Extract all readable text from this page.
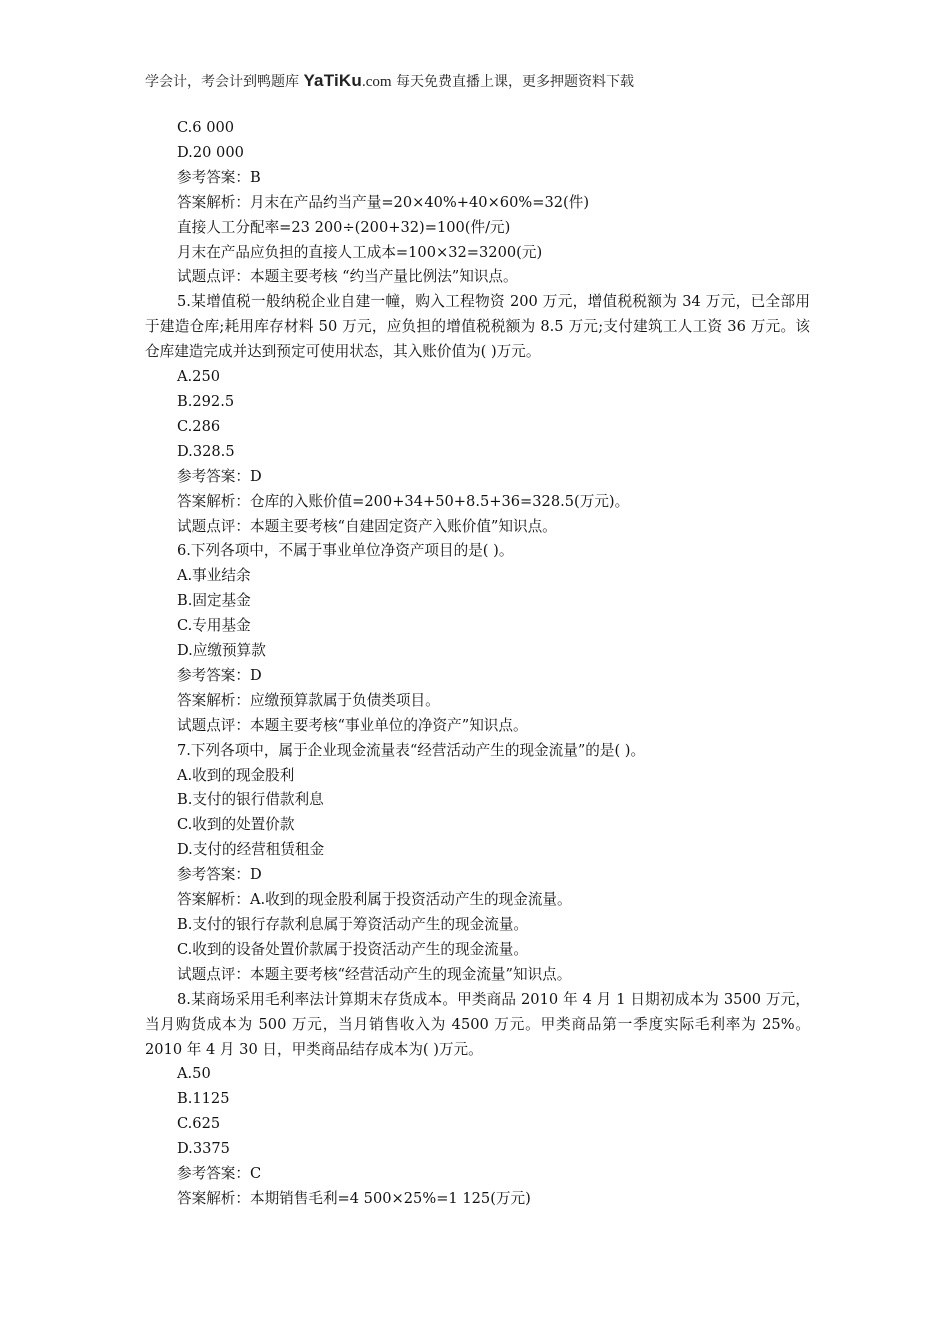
学会计，考会计到鸭题库 YaTiKu.com 每天免费直播上课，更多押题资料下载
C.6 000
D.20 000
参考答案：B
答案解析：月末在产品约当产量=20×40%+40×60%=32(件)
直接人工分配率=23 200÷(200+32)=100(件/元)
月末在产品应负担的直接人工成本=100×32=3200(元)
试题点评：本题主要考核 “约当产量比例法”知识点。
5.某增值税一般纳税企业自建一幢，购入工程物资 200 万元，增值税税额为 34 万元，已全部用于建造仓库;耗用库存材料 50 万元，应负担的增值税税额为 8.5 万元;支付建筑工人工资 36 万元。该仓库建造完成并达到预定可使用状态，其入账价值为( )万元。
A.250
B.292.5
C.286
D.328.5
参考答案：D
答案解析：仓库的入账价值=200+34+50+8.5+36=328.5(万元)。
试题点评：本题主要考核“自建固定资产入账价值”知识点。
6.下列各项中，不属于事业单位净资产项目的是( )。
A.事业结余
B.固定基金
C.专用基金
D.应缴预算款
参考答案：D
答案解析：应缴预算款属于负债类项目。
试题点评：本题主要考核“事业单位的净资产”知识点。
7.下列各项中，属于企业现金流量表“经营活动产生的现金流量”的是( )。
A.收到的现金股利
B.支付的银行借款利息
C.收到的处置价款
D.支付的经营租赁租金
参考答案：D
答案解析：A.收到的现金股利属于投资活动产生的现金流量。
B.支付的银行存款利息属于筹资活动产生的现金流量。
C.收到的设备处置价款属于投资活动产生的现金流量。
试题点评：本题主要考核“经营活动产生的现金流量”知识点。
8.某商场采用毛利率法计算期末存货成本。甲类商品 2010 年 4 月 1 日期初成本为 3500 万元，当月购货成本为 500 万元，当月销售收入为 4500 万元。甲类商品第一季度实际毛利率为 25%。2010 年 4 月 30 日，甲类商品结存成本为( )万元。
A.50
B.1125
C.625
D.3375
参考答案：C
答案解析：本期销售毛利=4 500×25%=1 125(万元)
